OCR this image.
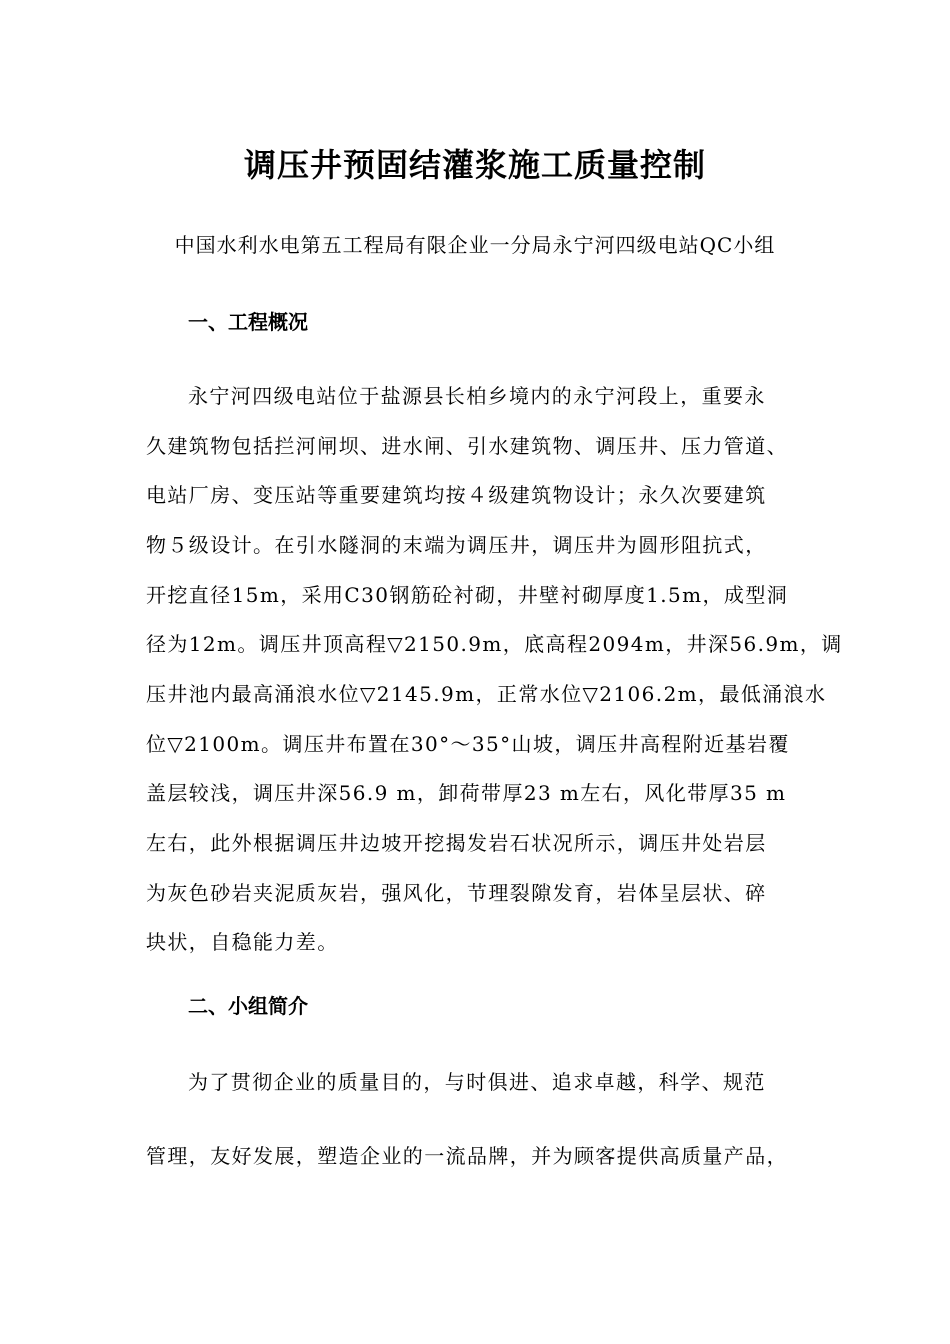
调压井预固结灌浆施工质量控制

中国水利水电第五工程局有限企业一分局永宁河四级电站QC小组

一、工程概况

永宁河四级电站位于盐源县长柏乡境内的永宁河段上，重要永

久建筑物包括拦河闸坝、进水闸、引水建筑物、调压井、压力管道、

电站厂房、变压站等重要建筑均按４级建筑物设计；永久次要建筑

物５级设计。在引水隧洞的末端为调压井，调压井为圆形阻抗式，

开挖直径15m，采用C30钢筋砼衬砌，井壁衬砌厚度1.5m，成型洞

径为12m。调压井顶高程▽2150.9m，底高程2094m，井深56.9m，调

压井池内最高涌浪水位▽2145.9m，正常水位▽2106.2m，最低涌浪水

位▽2100m。调压井布置在30°～35°山坡，调压井高程附近基岩覆

盖层较浅，调压井深56.9 m，卸荷带厚23 m左右，风化带厚35 m

左右，此外根据调压井边坡开挖揭发岩石状况所示，调压井处岩层

为灰色砂岩夹泥质灰岩，强风化，节理裂隙发育，岩体呈层状、碎

块状，自稳能力差。

二、小组简介

为了贯彻企业的质量目的，与时俱进、追求卓越，科学、规范

管理，友好发展，塑造企业的一流品牌，并为顾客提供高质量产品，
